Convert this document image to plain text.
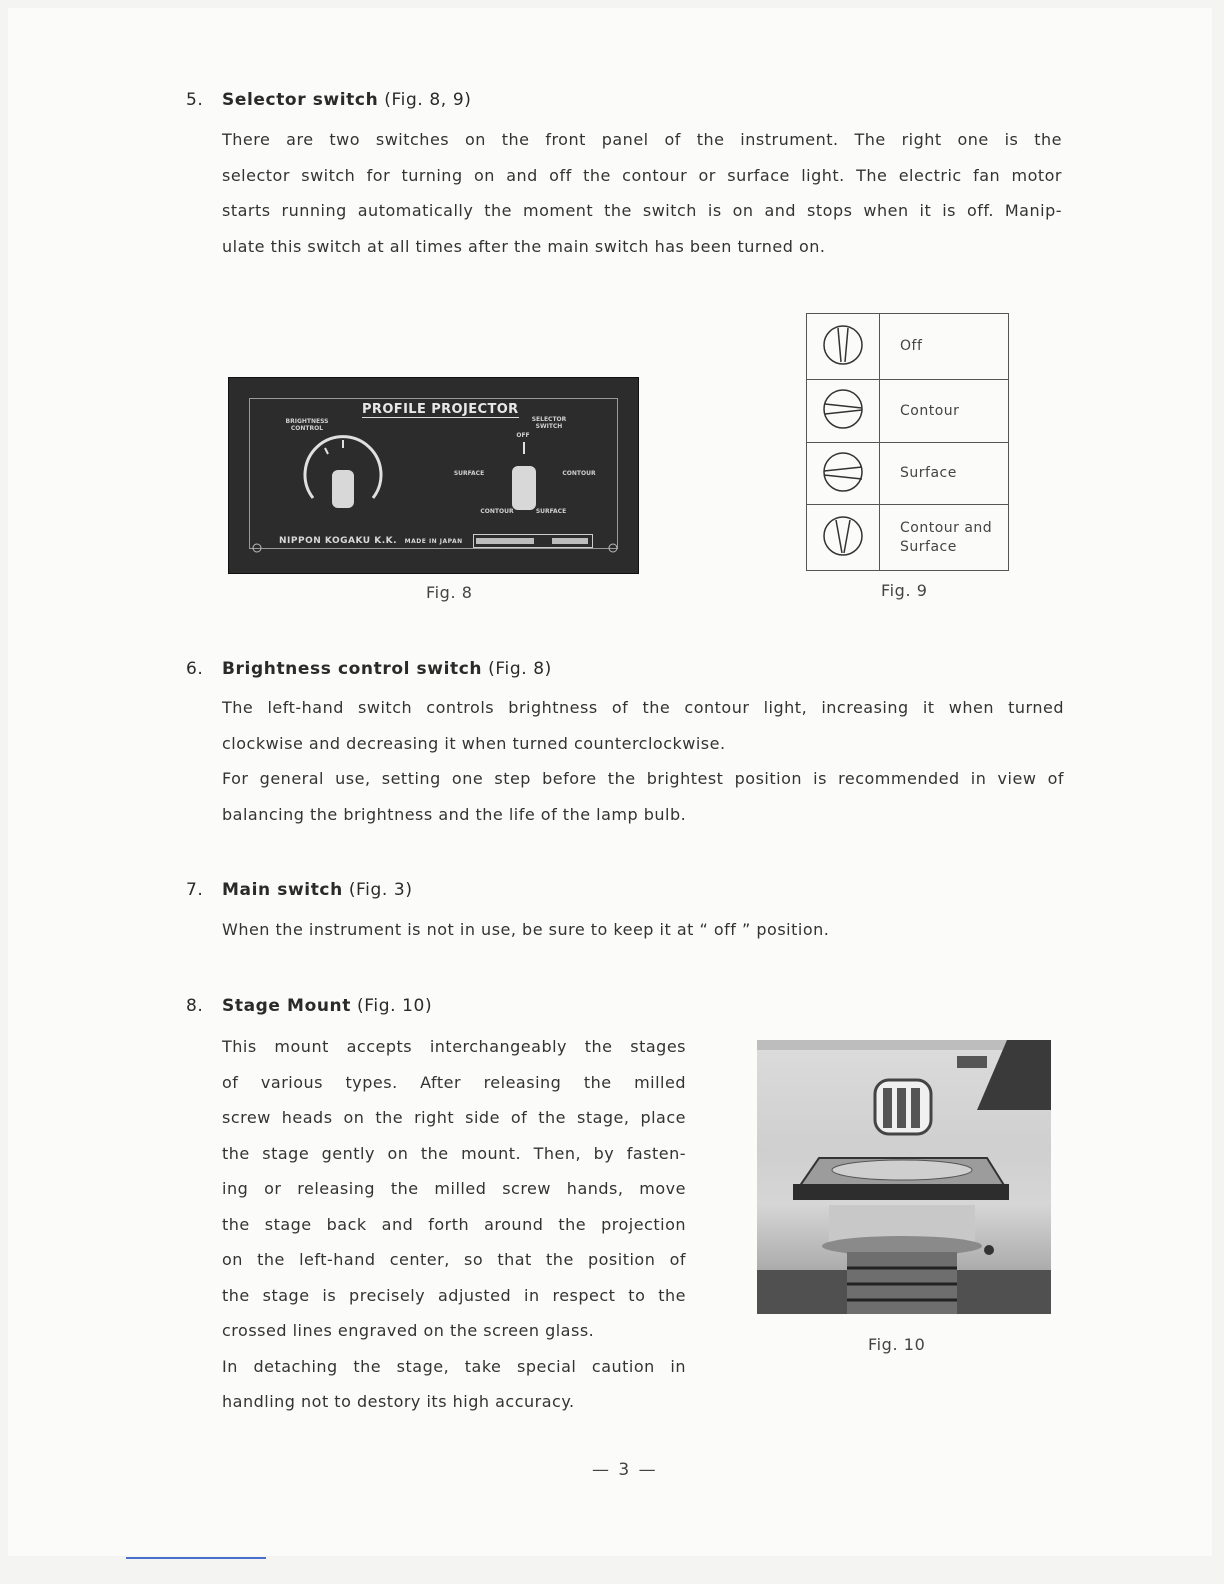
5. Selector switch (Fig. 8, 9)
There are two switches on the front panel of the instrument. The right one is the
selector switch for turning on and off the contour or surface light. The electric fan motor
starts running automatically the moment the switch is on and stops when it is off. Manip-
ulate this switch at all times after the main switch has been turned on.
PROFILE PROJECTOR
BRIGHTNESS CONTROL
SELECTOR SWITCH
OFF
SURFACE	CONTOUR
CONTOUR	SURFACE
NIPPON KOGAKU K.K. MADE IN JAPAN
Fig. 8
	Off
	Contour
	Surface

Contour and
Surface
Fig. 9
6. Brightness control switch (Fig. 8)
The left-hand switch controls brightness of the contour light, increasing it when turned
clockwise and decreasing it when turned counterclockwise.
For general use, setting one step before the brightest position is recommended in view of
balancing the brightness and the life of the lamp bulb.
7. Main switch (Fig. 3)
When the instrument is not in use, be sure to keep it at “ off ” position.
8. Stage Mount (Fig. 10)
This mount accepts interchangeably the stages
of various types. After releasing the milled
screw heads on the right side of the stage, place
the stage gently on the mount. Then, by fasten-
ing or releasing the milled screw hands, move
the stage back and forth around the projection
on the left-hand center, so that the position of
the stage is precisely adjusted in respect to the
crossed lines engraved on the screen glass.
In detaching the stage, take special caution in
handling not to destory its high accuracy.
Fig. 10
— 3 —
